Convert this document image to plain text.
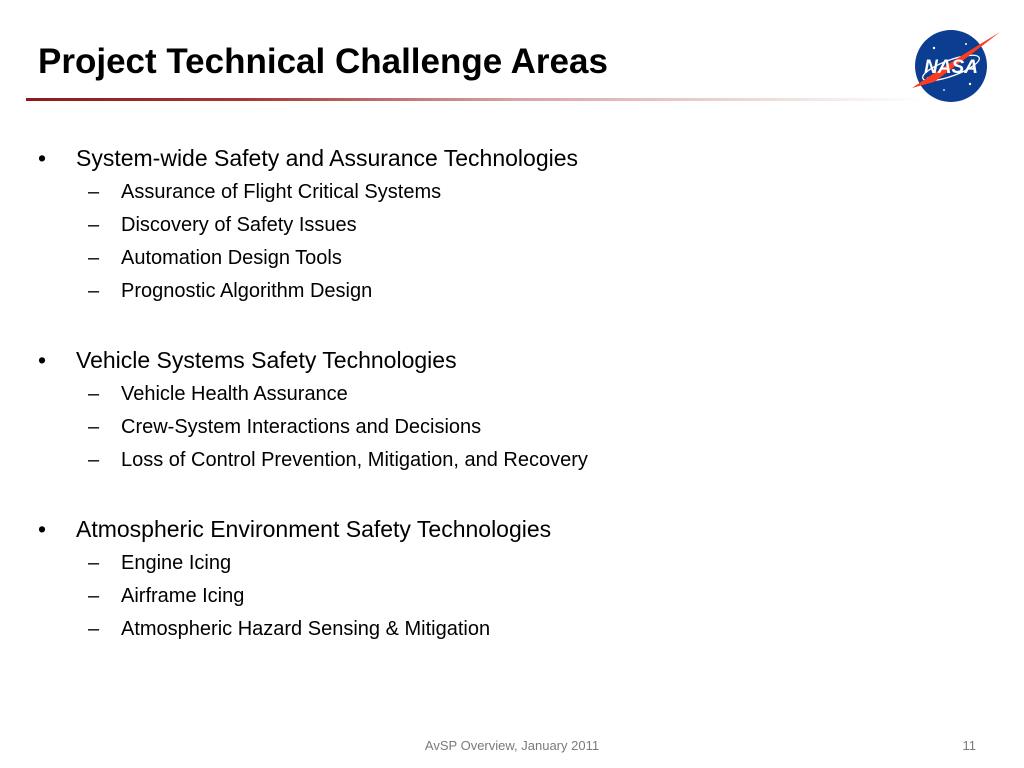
Project Technical Challenge Areas	NASA
• System-wide Safety and Assurance Technologies
– Assurance of Flight Critical Systems
– Discovery of Safety Issues
– Automation Design Tools
– Prognostic Algorithm Design
• Vehicle Systems Safety Technologies
– Vehicle Health Assurance
– Crew-System Interactions and Decisions
– Loss of Control Prevention, Mitigation, and Recovery
• Atmospheric Environment Safety Technologies
– Engine Icing
– Airframe Icing
– Atmospheric Hazard Sensing & Mitigation
AvSP Overview, January 2011	11
